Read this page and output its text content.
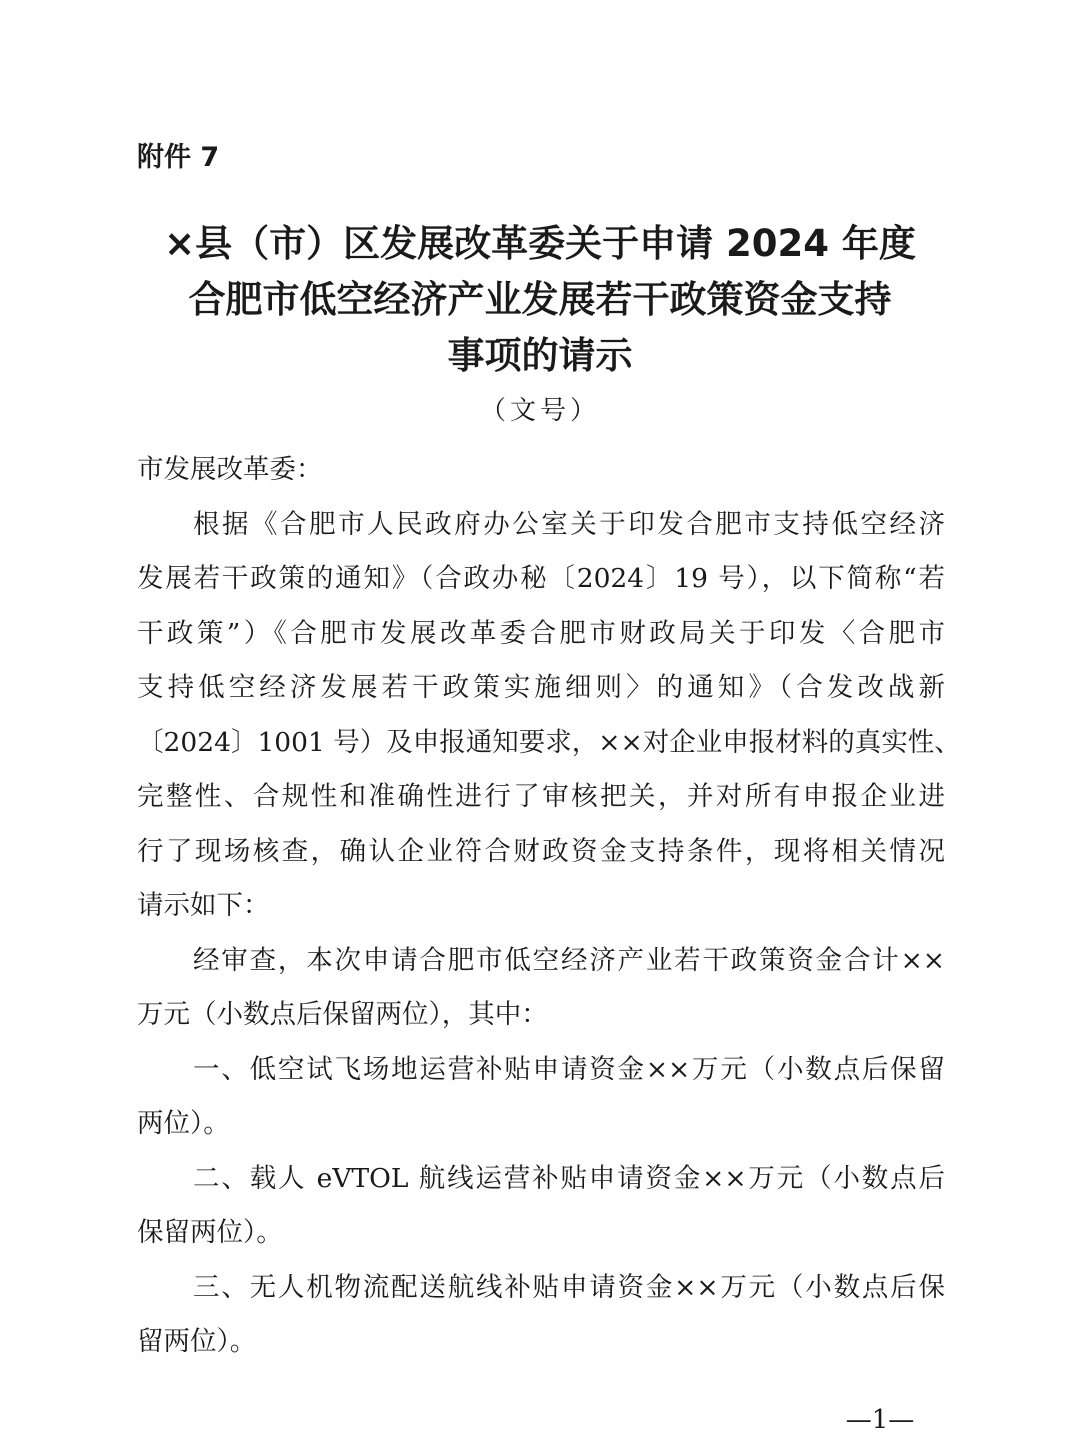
附件 7
×县（市）区发展改革委关于申请 2024 年度
合肥市低空经济产业发展若干政策资金支持
事项的请示
（文号）
市发展改革委：
根据《合肥市人民政府办公室关于印发合肥市支持低空经济
发展若干政策的通知》（合政办秘〔2024〕19 号），以下简称“若
干政策”）《合肥市发展改革委合肥市财政局关于印发〈合肥市
支持低空经济发展若干政策实施细则〉的通知》（合发改战新
〔2024〕1001 号）及申报通知要求，××对企业申报材料的真实性、
完整性、合规性和准确性进行了审核把关，并对所有申报企业进
行了现场核查，确认企业符合财政资金支持条件，现将相关情况
请示如下：
经审查，本次申请合肥市低空经济产业若干政策资金合计××
万元（小数点后保留两位），其中：
一、低空试飞场地运营补贴申请资金××万元（小数点后保留
两位）。
二、载人 eVTOL 航线运营补贴申请资金××万元（小数点后
保留两位）。
三、无人机物流配送航线补贴申请资金××万元（小数点后保
留两位）。
—1—
